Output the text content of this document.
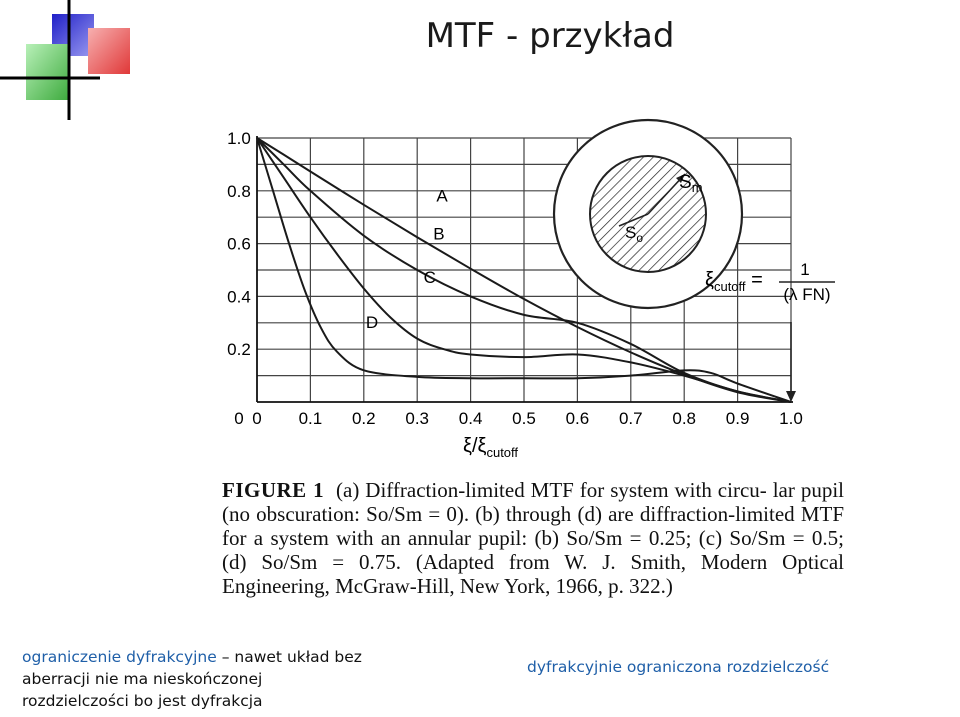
MTF - przykład
0 0.1 0.2 0.3 0.4 0.5 0.6 0.7 0.8 0.9 1.0
0
0.2
0.4
0.6
0.8
1.0
A
B
C
D
$\xi/\xi_{cutoff}$
$S_m$
$S_o$
$\xi_{cutoff} = 1$
(λ FN)
FIGURE 1 (a) Diffraction-limited MTF for system with circu- lar pupil (no obscuration: So/Sm = 0). (b) through (d) are diffraction-limited MTF for a system with an annular pupil: (b) So/Sm = 0.25; (c) So/Sm = 0.5; (d) So/Sm = 0.75. (Adapted from W. J. Smith, Modern Optical Engineering, McGraw-Hill, New York, 1966, p. 322.)
ograniczenie dyfrakcyjne – nawet układ bez aberracji nie ma nieskończonej rozdzielczości bo jest dyfrakcja
dyfrakcyjnie ograniczona rozdzielczość
